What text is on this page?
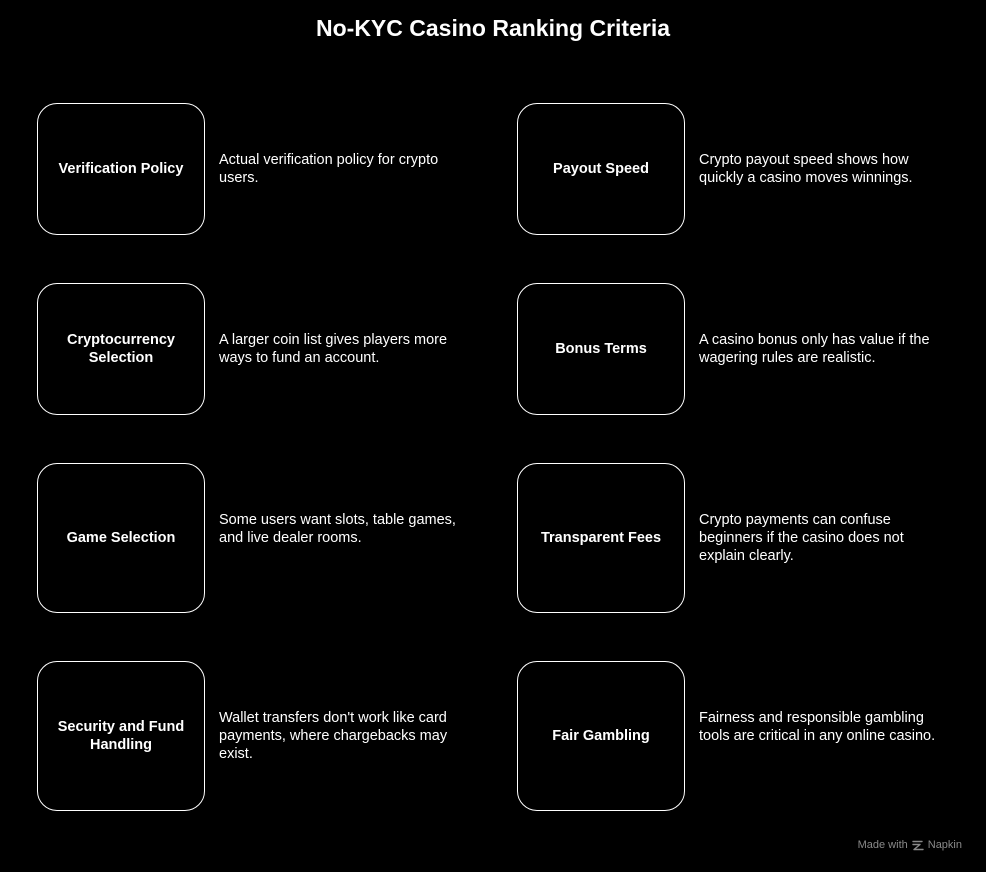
No-KYC Casino Ranking Criteria
Verification Policy
Actual verification policy for crypto users.
Payout Speed
Crypto payout speed shows how quickly a casino moves winnings.
Cryptocurrency Selection
A larger coin list gives players more ways to fund an account.
Bonus Terms
A casino bonus only has value if the wagering rules are realistic.
Game Selection
Some users want slots, table games, and live dealer rooms.	Transparent Fees
Crypto payments can confuse beginners if the casino does not explain clearly.
Security and Fund Handling
Wallet transfers don't work like card payments, where chargebacks may exist.
Fair Gambling
Fairness and responsible gambling tools are critical in any online casino.
Made with Napkin
